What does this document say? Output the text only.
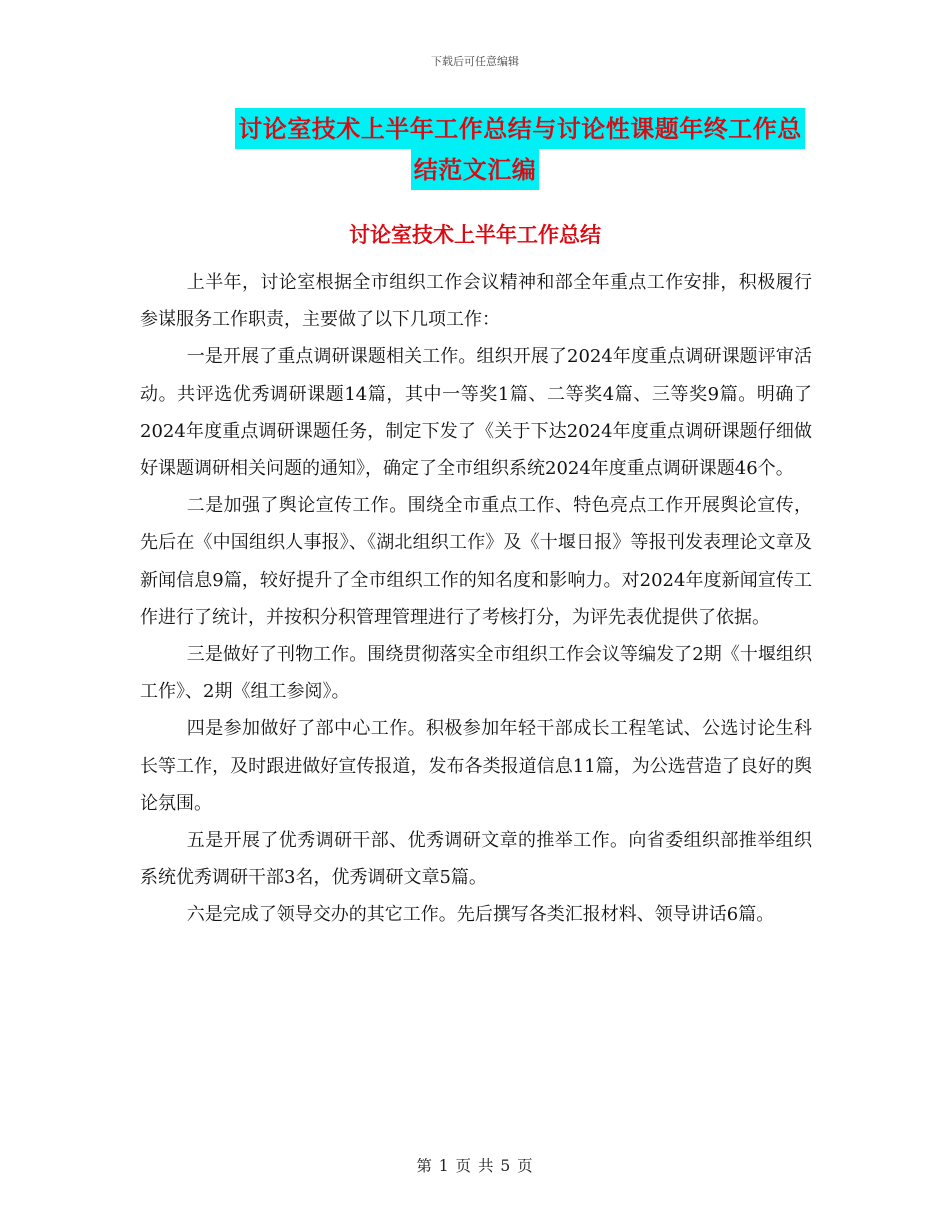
下载后可任意编辑
讨论室技术上半年工作总结与讨论性课题年终工作总
结范文汇编
讨论室技术上半年工作总结

上半年，讨论室根据全市组织工作会议精神和部全年重点工作安排，积极履行参谋服务工作职责，主要做了以下几项工作：

一是开展了重点调研课题相关工作。组织开展了2024年度重点调研课题评审活动。共评选优秀调研课题14篇，其中一等奖1篇、二等奖4篇、三等奖9篇。明确了2024年度重点调研课题任务，制定下发了《关于下达2024年度重点调研课题仔细做好课题调研相关问题的通知》，确定了全市组织系统2024年度重点调研课题46个。

二是加强了舆论宣传工作。围绕全市重点工作、特色亮点工作开展舆论宣传，先后在《中国组织人事报》、《湖北组织工作》及《十堰日报》等报刊发表理论文章及新闻信息9篇，较好提升了全市组织工作的知名度和影响力。对2024年度新闻宣传工作进行了统计，并按积分积管理管理进行了考核打分，为评先表优提供了依据。

三是做好了刊物工作。围绕贯彻落实全市组织工作会议等编发了2期《十堰组织工作》、2期《组工参阅》。

四是参加做好了部中心工作。积极参加年轻干部成长工程笔试、公选讨论生科长等工作，及时跟进做好宣传报道，发布各类报道信息11篇，为公选营造了良好的舆论氛围。

五是开展了优秀调研干部、优秀调研文章的推举工作。向省委组织部推举组织系统优秀调研干部3名，优秀调研文章5篇。

六是完成了领导交办的其它工作。先后撰写各类汇报材料、领导讲话6篇。

第 1 页 共 5 页
